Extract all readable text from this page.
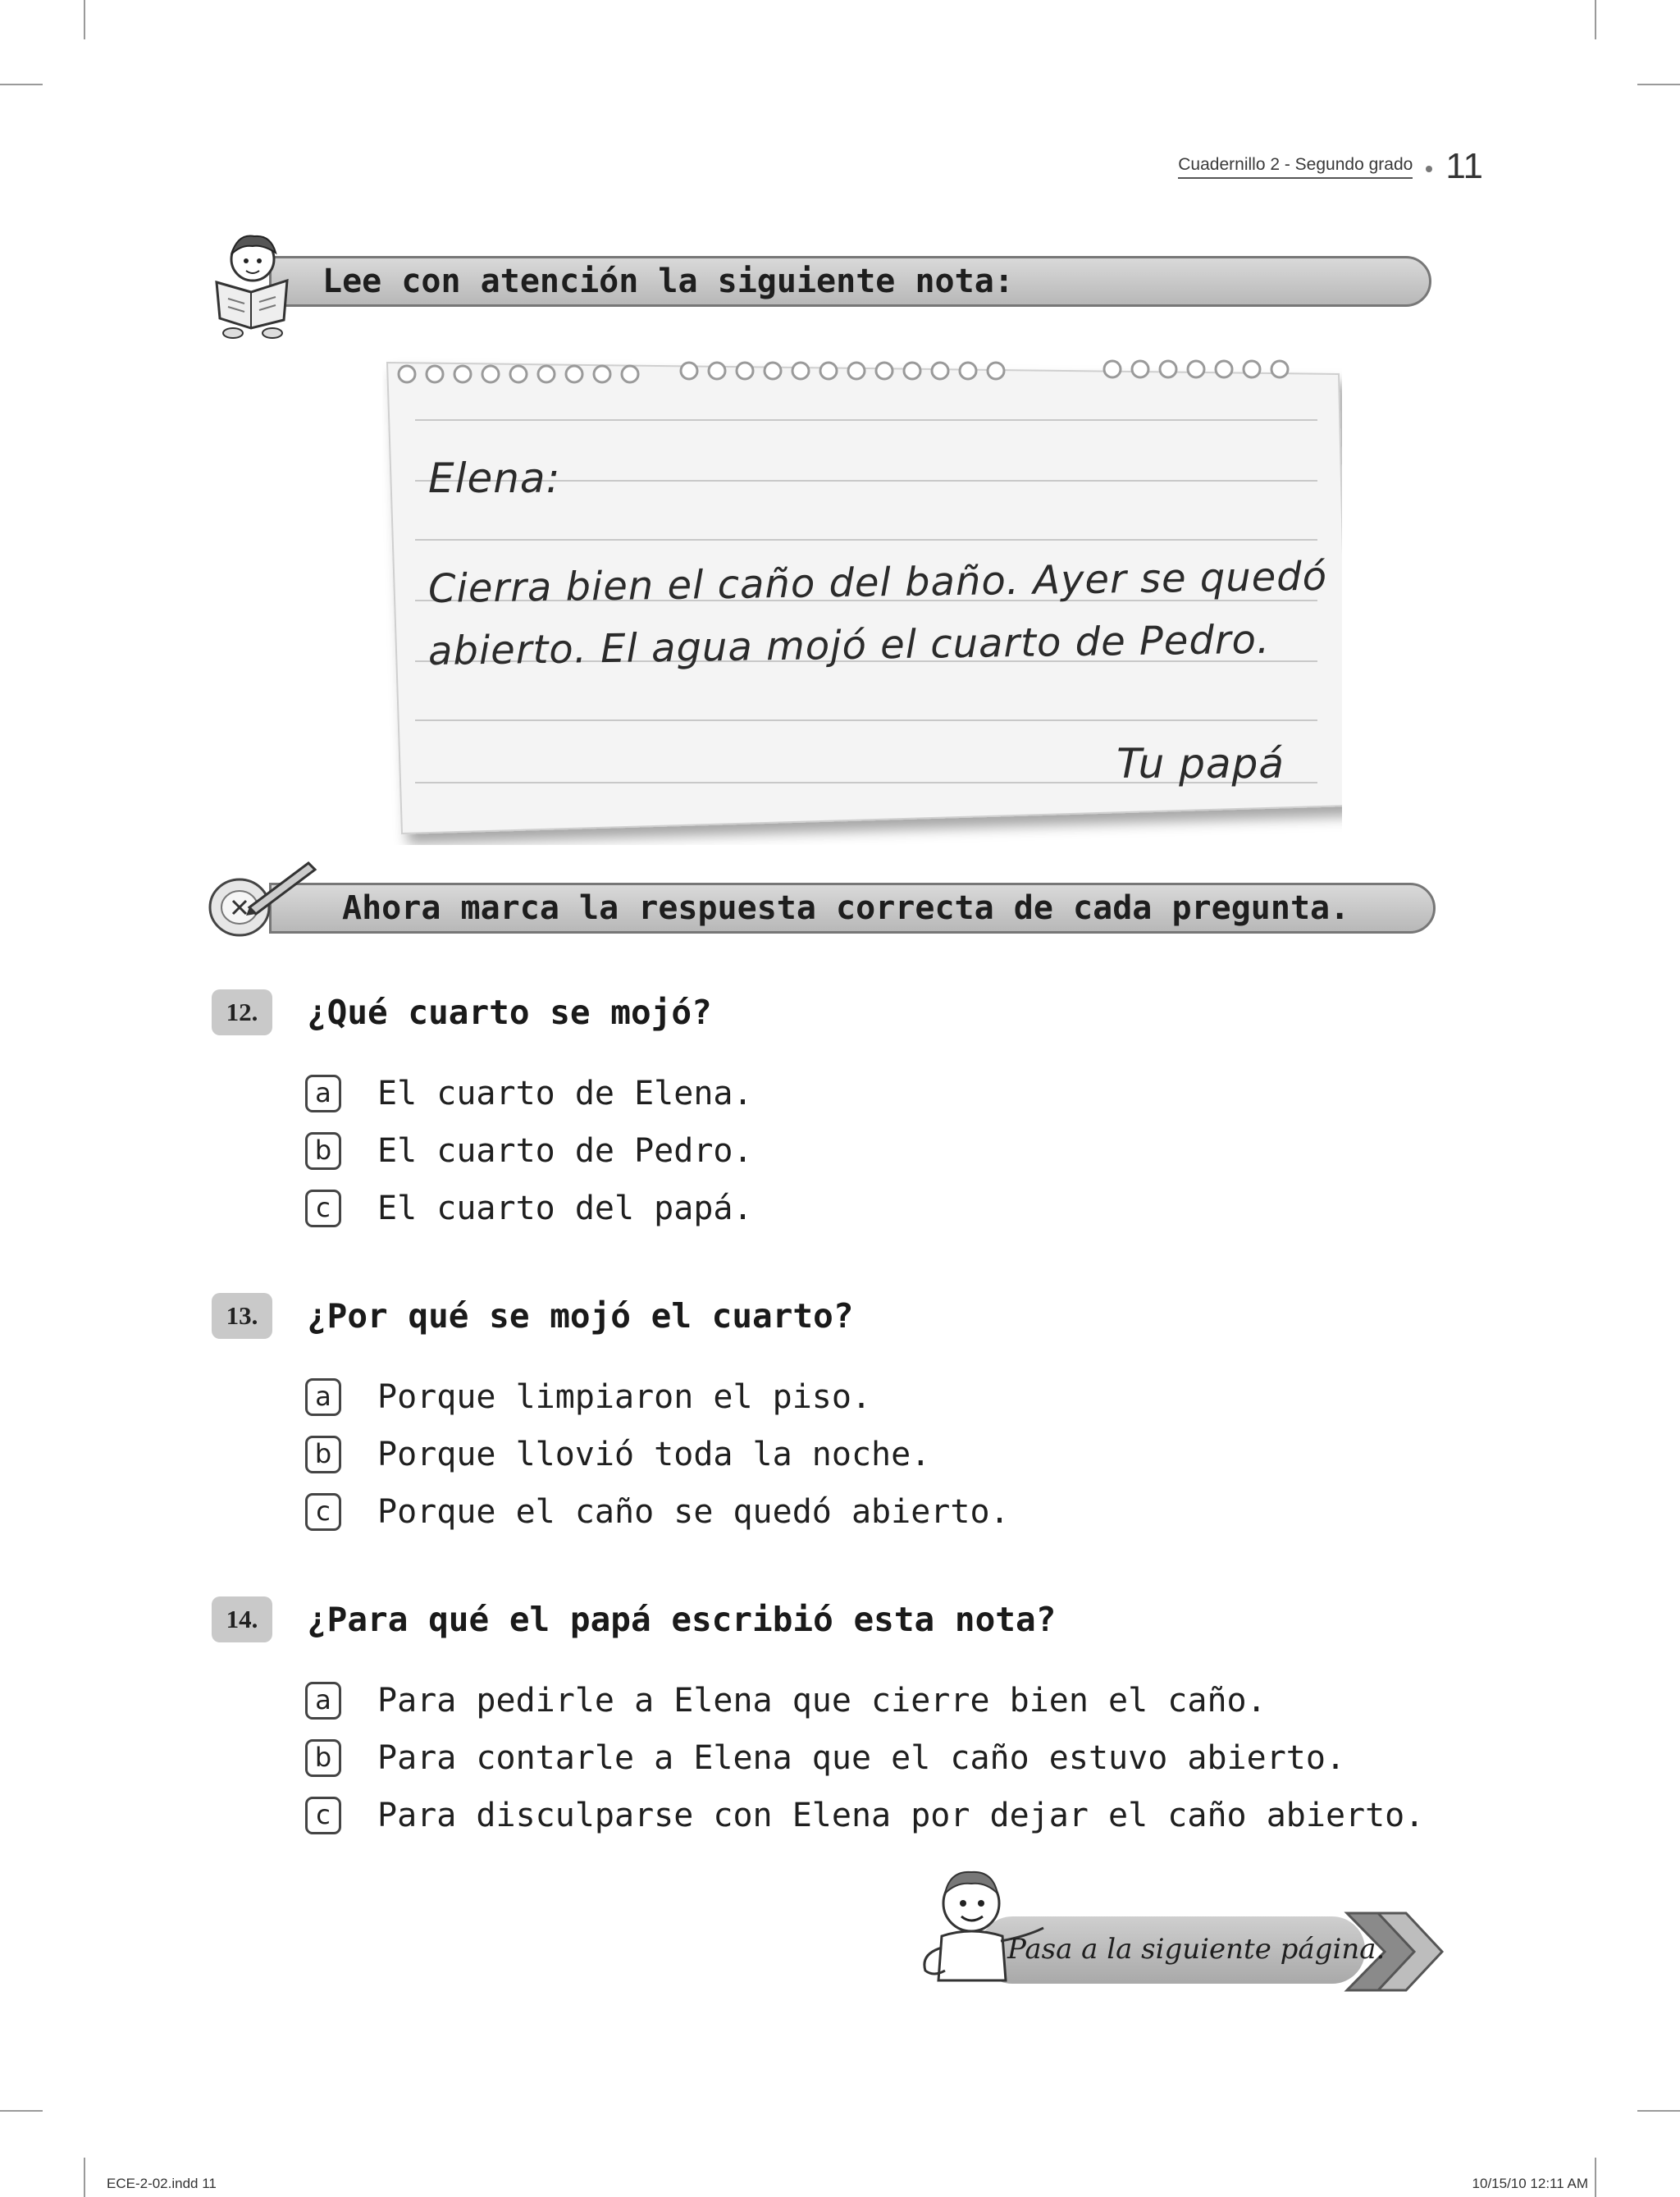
Cuadernillo 2 - Segundo grado 11
Lee con atención la siguiente nota:
Elena:
Cierra bien el caño del baño. Ayer se quedó
abierto. El agua mojó el cuarto de Pedro.
Tu papá
Ahora marca la respuesta correcta de cada pregunta.
12.	¿Qué cuarto se mojó?
a	El cuarto de Elena.
b El cuarto de Pedro.
c	El cuarto del papá.
13.	¿Por qué se mojó el cuarto?
a	Porque limpiaron el piso.
b Porque llovió toda la noche.
c	Porque el caño se quedó abierto.
14.	¿Para qué el papá escribió esta nota?
a	Para pedirle a Elena que cierre bien el caño.
b Para contarle a Elena que el caño estuvo abierto.
c	Para disculparse con Elena por dejar el caño abierto.
Pasa a la siguiente página.
ECE-2-02.indd 11	10/15/10 12:11 AM
